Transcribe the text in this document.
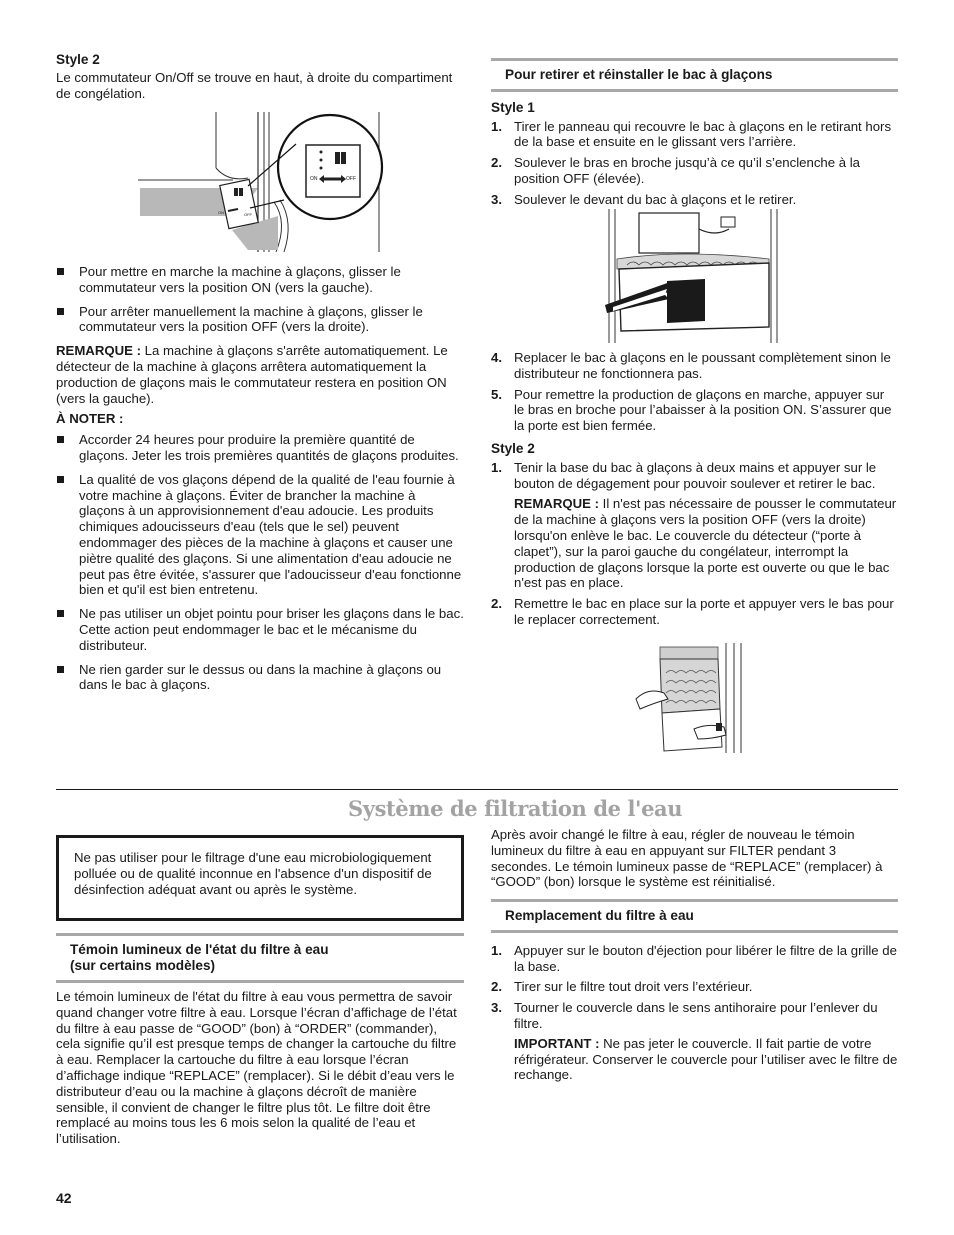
Style 2

Le commutateur On/Off se trouve en haut, à droite du compartiment de congélation.

ON	OFF
ON	OFF
Pour mettre en marche la machine à glaçons, glisser le commutateur vers la position ON (vers la gauche).
Pour arrêter manuellement la machine à glaçons, glisser le commutateur vers la position OFF (vers la droite).

REMARQUE : La machine à glaçons s'arrête automatiquement. Le détecteur de la machine à glaçons arrêtera automatiquement la production de glaçons mais le commutateur restera en position ON (vers la gauche).

À NOTER :

Accorder 24 heures pour produire la première quantité de glaçons. Jeter les trois premières quantités de glaçons produites.
La qualité de vos glaçons dépend de la qualité de l'eau fournie à votre machine à glaçons. Éviter de brancher la machine à glaçons à un approvisionnement d'eau adoucie. Les produits chimiques adoucisseurs d'eau (tels que le sel) peuvent endommager des pièces de la machine à glaçons et causer une piètre qualité des glaçons. Si une alimentation d'eau adoucie ne peut pas être évitée, s'assurer que l'adoucisseur d'eau fonctionne bien et qu'il est bien entretenu.
Ne pas utiliser un objet pointu pour briser les glaçons dans le bac. Cette action peut endommager le bac et le mécanisme du distributeur.
Ne rien garder sur le dessus ou dans la machine à glaçons ou dans le bac à glaçons.
Pour retirer et réinstaller le bac à glaçons

Style 1

1. Tirer le panneau qui recouvre le bac à glaçons en le retirant hors de la base et ensuite en le glissant vers l’arrière.
2. Soulever le bras en broche jusqu’à ce qu’il s’enclenche à la position OFF (élevée).
3. Soulever le devant du bac à glaçons et le retirer.
4. Replacer le bac à glaçons en le poussant complètement sinon le distributeur ne fonctionnera pas.
5. Pour remettre la production de glaçons en marche, appuyer sur le bras en broche pour l’abaisser à la position ON. S’assurer que la porte est bien fermée.

Style 2

1. Tenir la base du bac à glaçons à deux mains et appuyer sur le bouton de dégagement pour pouvoir soulever et retirer le bac.

REMARQUE : Il n'est pas nécessaire de pousser le commutateur de la machine à glaçons vers la position OFF (vers la droite) lorsqu'on enlève le bac. Le couvercle du détecteur (“porte à clapet”), sur la paroi gauche du congélateur, interrompt la production de glaçons lorsque la porte est ouverte ou que le bac n'est pas en place.

2. Remettre le bac en place sur la porte et appuyer vers le bas pour le replacer correctement.
Système de filtration de l'eau

Ne pas utiliser pour le filtrage d'une eau microbiologiquement polluée ou de qualité inconnue en l'absence d'un dispositif de désinfection adéquat avant ou après le système.

Témoin lumineux de l'état du filtre à eau
(sur certains modèles)

Le témoin lumineux de l'état du filtre à eau vous permettra de savoir quand changer votre filtre à eau. Lorsque l’écran d’affichage de l’état du filtre à eau passe de “GOOD” (bon) à “ORDER” (commander), cela signifie qu’il est presque temps de changer la cartouche du filtre à eau. Remplacer la cartouche du filtre à eau lorsque l’écran d’affichage indique “REPLACE” (remplacer). Si le débit d’eau vers le distributeur d’eau ou la machine à glaçons décroît de manière sensible, il convient de changer le filtre plus tôt. Le filtre doit être remplacé au moins tous les 6 mois selon la qualité de l’eau et l’utilisation.

Après avoir changé le filtre à eau, régler de nouveau le témoin lumineux du filtre à eau en appuyant sur FILTER pendant 3 secondes. Le témoin lumineux passe de “REPLACE” (remplacer) à “GOOD” (bon) lorsque le système est réinitialisé.

Remplacement du filtre à eau
1. Appuyer sur le bouton d'éjection pour libérer le filtre de la grille de la base.
2. Tirer sur le filtre tout droit vers l’extérieur.
3. Tourner le couvercle dans le sens antihoraire pour l’enlever du filtre.

IMPORTANT : Ne pas jeter le couvercle. Il fait partie de votre réfrigérateur. Conserver le couvercle pour l’utiliser avec le filtre de rechange.

42
